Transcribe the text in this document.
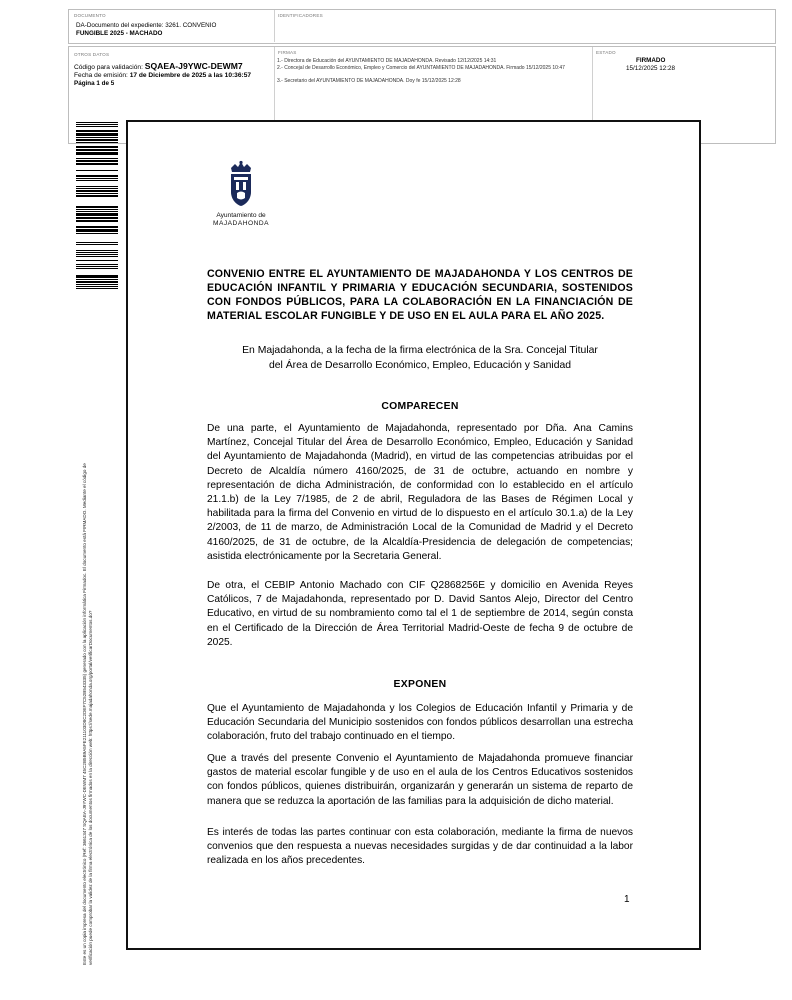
DOCUMENTO
DA-Documento del expediente: 3261. CONVENIO
FUNGIBLE 2025 - MACHADO
IDENTIFICADORES
OTROS DATOS
Código para validación: SQAEA-J9YWC-DEWM7
Fecha de emisión: 17 de Diciembre de 2025 a las 10:36:57
Página 1 de 5
FIRMAS
1.- Directora de Educación del AYUNTAMIENTO DE MAJADAHONDA. Revisado 12/12/2025 14:31
2.- Concejal de Desarrollo Económico, Empleo y Comercio del AYUNTAMIENTO DE MAJADAHONDA. Firmado 15/12/2025 10:47
3.- Secretario del AYUNTAMIENTO DE MAJADAHONDA. Doy fe 15/12/2025 12:28
ESTADO
FIRMADO
15/12/2025 12:28
Este es un copia impresa del documento electrónico (Ref: 3661347 SQAEA-J9YWC-DEWM7 45C2B5B9A5FE211103D8C2DEF7C52B543335) generado con la aplicación informática Firmadoc. El documento está FIRMADO. Mediante el código de verificación puede comprobar la validez de la firma electrónica de los documentos firmados en la dirección web: https://sede.majadahonda.org/portal/verificarDocumentos.do?
Ayuntamiento de
MAJADAHONDA
CONVENIO ENTRE EL AYUNTAMIENTO DE MAJADAHONDA Y LOS CENTROS DE EDUCACIÓN INFANTIL Y PRIMARIA Y EDUCACIÓN SECUNDARIA, SOSTENIDOS CON FONDOS PÚBLICOS, PARA LA COLABORACIÓN EN LA FINANCIACIÓN DE MATERIAL ESCOLAR FUNGIBLE Y DE USO EN EL AULA PARA EL AÑO 2025.
En Majadahonda, a la fecha de la firma electrónica de la Sra. Concejal Titular
del Área de Desarrollo Económico, Empleo, Educación y Sanidad
COMPARECEN
De una parte, el Ayuntamiento de Majadahonda, representado por Dña. Ana Camins Martínez, Concejal Titular del Área de Desarrollo Económico, Empleo, Educación y Sanidad del Ayuntamiento de Majadahonda (Madrid), en virtud de las competencias atribuidas por el Decreto de Alcaldía número 4160/2025, de 31 de octubre, actuando en nombre y representación de dicha Administración, de conformidad con lo establecido en el artículo 21.1.b) de la Ley 7/1985, de 2 de abril, Reguladora de las Bases de Régimen Local y habilitada para la firma del Convenio en virtud de lo dispuesto en el artículo 30.1.a) de la Ley 2/2003, de 11 de marzo, de Administración Local de la Comunidad de Madrid y el Decreto 4160/2025, de 31 de octubre, de la Alcaldía-Presidencia de delegación de competencias; asistida electrónicamente por la Secretaria General.
De otra, el CEBIP Antonio Machado con CIF Q2868256E y domicilio en Avenida Reyes Católicos, 7 de Majadahonda, representado por D. David Santos Alejo, Director del Centro Educativo, en virtud de su nombramiento como tal el 1 de septiembre de 2014, según consta en el Certificado de la Dirección de Área Territorial Madrid-Oeste de fecha 9 de octubre de 2025.
EXPONEN
Que el Ayuntamiento de Majadahonda y los Colegios de Educación Infantil y Primaria y de Educación Secundaria del Municipio sostenidos con fondos públicos desarrollan una estrecha colaboración, fruto del trabajo continuado en el tiempo.
Que a través del presente Convenio el Ayuntamiento de Majadahonda promueve financiar gastos de material escolar fungible y de uso en el aula de los Centros Educativos sostenidos con fondos públicos, quienes distribuirán, organizarán y generarán un sistema de reparto de manera que se reduzca la aportación de las familias para la adquisición de dicho material.
Es interés de todas las partes continuar con esta colaboración, mediante la firma de nuevos convenios que den respuesta a nuevas necesidades surgidas y de dar continuidad a la labor realizada en los años precedentes.
1
